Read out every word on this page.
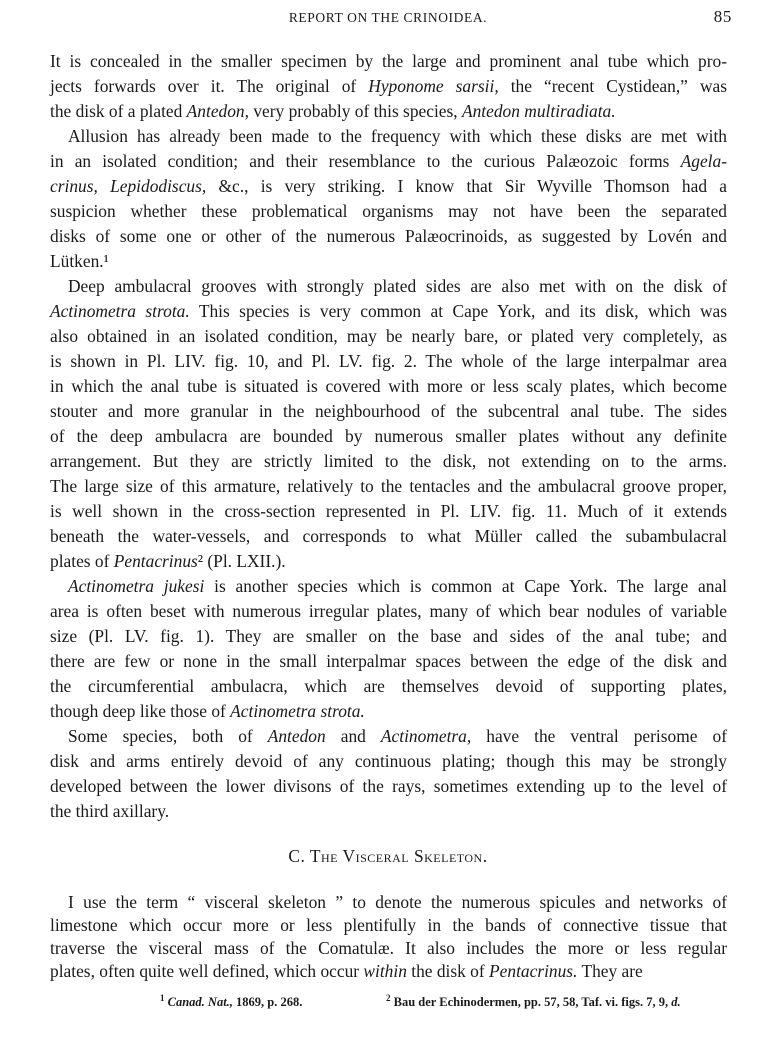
REPORT ON THE CRINOIDEA.	85
It is concealed in the smaller specimen by the large and prominent anal tube which pro-
jects forwards over it. The original of Hyponome sarsii, the “recent Cystidean,” was
the disk of a plated Antedon, very probably of this species, Antedon multiradiata.
Allusion has already been made to the frequency with which these disks are met with
in an isolated condition; and their resemblance to the curious Palæozoic forms Agela-
crinus, Lepidodiscus, &c., is very striking. I know that Sir Wyville Thomson had a
suspicion whether these problematical organisms may not have been the separated
disks of some one or other of the numerous Palæocrinoids, as suggested by Lovén and
Lütken.¹
Deep ambulacral grooves with strongly plated sides are also met with on the disk of
Actinometra strota. This species is very common at Cape York, and its disk, which was
also obtained in an isolated condition, may be nearly bare, or plated very completely, as
is shown in Pl. LIV. fig. 10, and Pl. LV. fig. 2. The whole of the large interpalmar area
in which the anal tube is situated is covered with more or less scaly plates, which become
stouter and more granular in the neighbourhood of the subcentral anal tube. The sides
of the deep ambulacra are bounded by numerous smaller plates without any definite
arrangement. But they are strictly limited to the disk, not extending on to the arms.
The large size of this armature, relatively to the tentacles and the ambulacral groove proper,
is well shown in the cross-section represented in Pl. LIV. fig. 11. Much of it extends
beneath the water-vessels, and corresponds to what Müller called the subambulacral
plates of Pentacrinus² (Pl. LXII.).
Actinometra jukesi is another species which is common at Cape York. The large anal
area is often beset with numerous irregular plates, many of which bear nodules of variable
size (Pl. LV. fig. 1). They are smaller on the base and sides of the anal tube; and
there are few or none in the small interpalmar spaces between the edge of the disk and
the circumferential ambulacra, which are themselves devoid of supporting plates,
though deep like those of Actinometra strota.
Some species, both of Antedon and Actinometra, have the ventral perisome of
disk and arms entirely devoid of any continuous plating; though this may be strongly
developed between the lower divisons of the rays, sometimes extending up to the level of
the third axillary.
C. The Visceral Skeleton.
I use the term “ visceral skeleton ” to denote the numerous spicules and networks of
limestone which occur more or less plentifully in the bands of connective tissue that
traverse the visceral mass of the Comatulæ. It also includes the more or less regular
plates, often quite well defined, which occur within the disk of Pentacrinus. They are
$^1$ Canad. Nat., 1869, p. 268.	$^2$ Bau der Echinodermen, pp. 57, 58, Taf. vi. figs. 7, 9, d.
